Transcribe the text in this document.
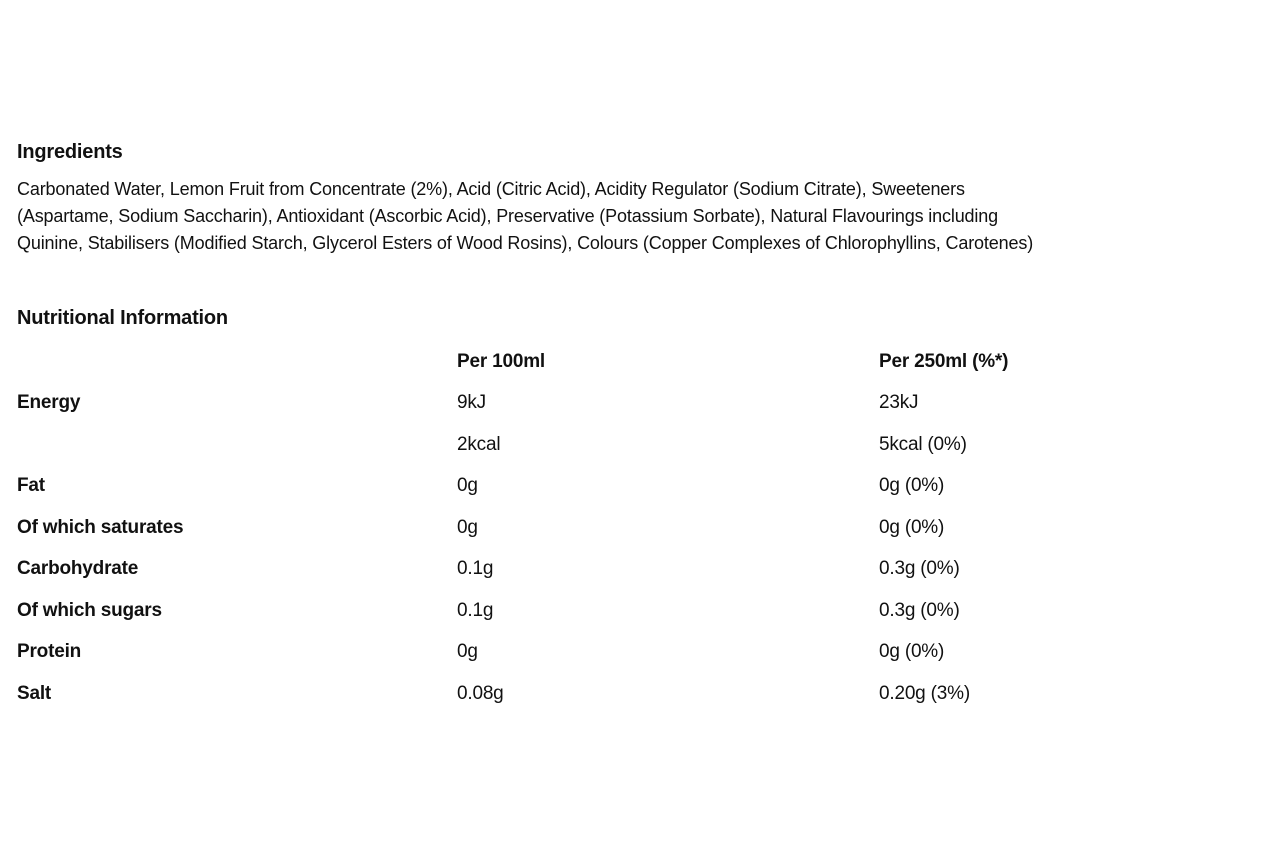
Ingredients

Carbonated Water, Lemon Fruit from Concentrate (2%), Acid (Citric Acid), Acidity Regulator (Sodium Citrate), Sweeteners
(Aspartame, Sodium Saccharin), Antioxidant (Ascorbic Acid), Preservative (Potassium Sorbate), Natural Flavourings including
Quinine, Stabilisers (Modified Starch, Glycerol Esters of Wood Rosins), Colours (Copper Complexes of Chlorophyllins, Carotenes)

Nutritional Information
	Per 100ml	Per 250ml (%*)
Energy	9kJ	23kJ
	2kcal	5kcal (0%)
Fat	0g	0g (0%)
Of which saturates	0g	0g (0%)
Carbohydrate	0.1g	0.3g (0%)
Of which sugars	0.1g	0.3g (0%)
Protein	0g	0g (0%)
Salt	0.08g	0.20g (3%)
